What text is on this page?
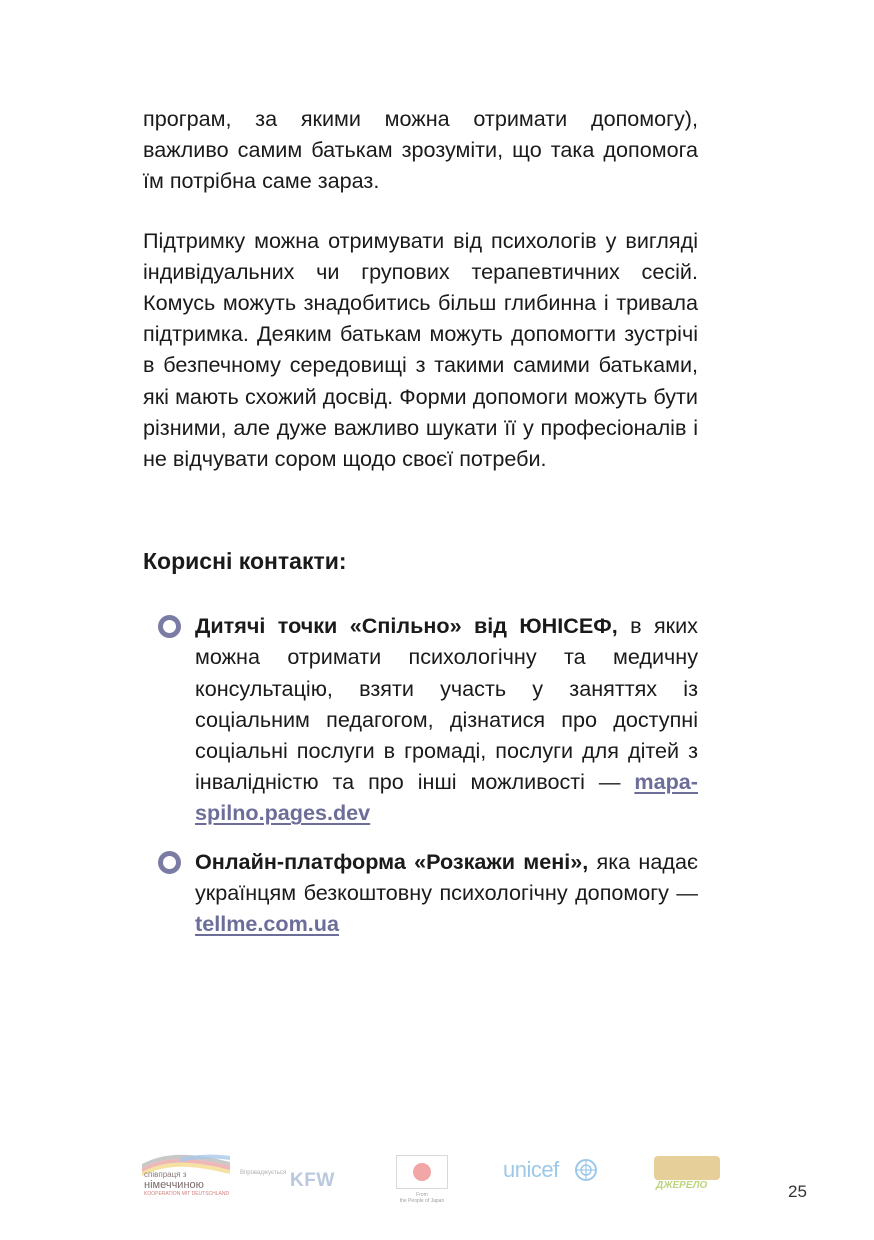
програм, за якими можна отримати допомогу), важливо самим батькам зрозуміти, що така допомога їм потрібна саме зараз.

Підтримку можна отримувати від психологів у вигляді індивідуальних чи групових терапевтичних сесій. Комусь можуть знадобитись більш глибинна і тривала підтримка. Деяким батькам можуть допомогти зустрічі в безпечному середовищі з такими самими батьками, які мають схожий досвід. Форми допомоги можуть бути різними, але дуже важливо шукати її у професіоналів і не відчувати сором щодо своєї потреби.

Корисні контакти:
Дитячі точки «Спільно» від ЮНІСЕФ, в яких можна отримати психологічну та медичну консультацію, взяти участь у заняттях із соціальним педагогом, дізнатися про доступні соціальні послуги в громаді, послуги для дітей з інвалідністю та про інші можливості — mapa-spilno.pages.dev
Онлайн-платформа «Розкажи мені», яка надає українцям безкоштовну психологічну допомогу — tellme.com.ua
співпраця з
німеччиною
KOOPERATION MIT DEUTSCHLAND
Впроваджується KFW
From
the People of Japan
unicef
ДЖЕРЕЛО	25
